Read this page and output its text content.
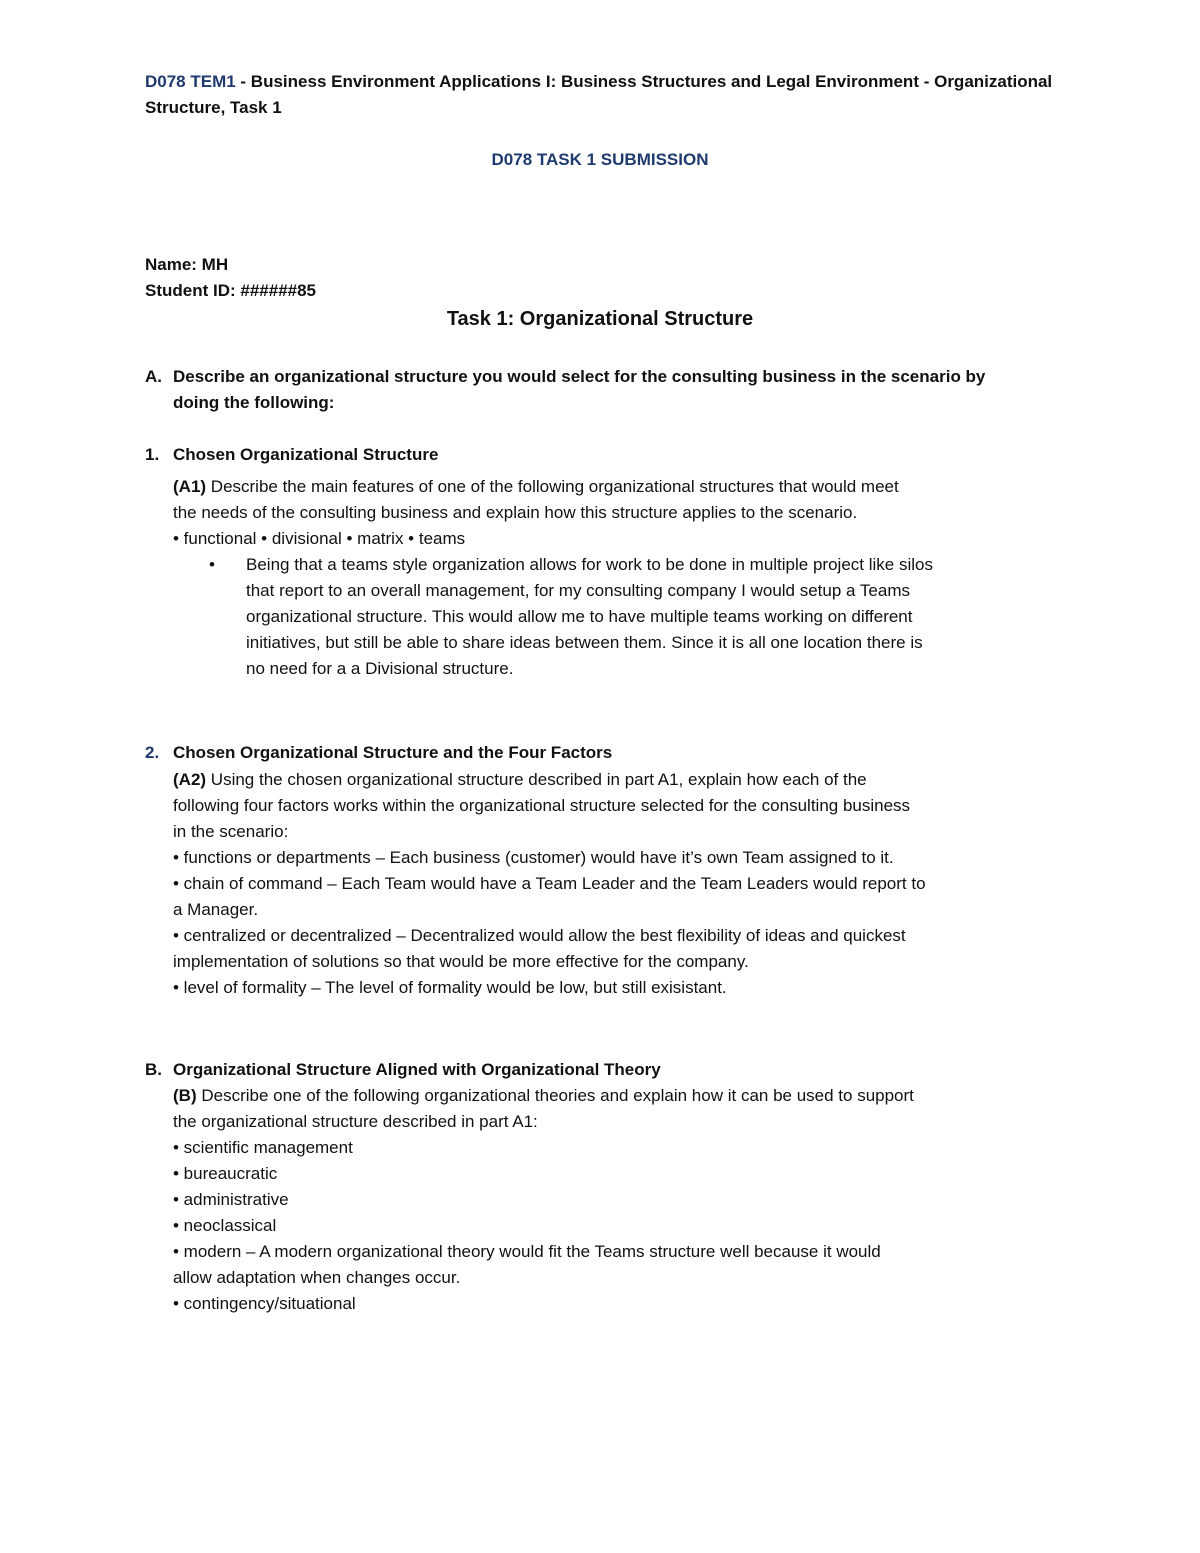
D078 TEM1 - Business Environment Applications I: Business Structures and Legal Environment - Organizational

Structure, Task 1

D078 TASK 1 SUBMISSION

Name: MH

Student ID: ######85

Task 1: Organizational Structure

A. Describe an organizational structure you would select for the consulting business in the scenario by

doing the following:

1. Chosen Organizational Structure

(A1) Describe the main features of one of the following organizational structures that would meet

the needs of the consulting business and explain how this structure applies to the scenario.

• functional • divisional • matrix • teams

• Being that a teams style organization allows for work to be done in multiple project like silos

that report to an overall management, for my consulting company I would setup a Teams

organizational structure. This would allow me to have multiple teams working on different

initiatives, but still be able to share ideas between them. Since it is all one location there is

no need for a a Divisional structure.

2. Chosen Organizational Structure and the Four Factors

(A2) Using the chosen organizational structure described in part A1, explain how each of the

following four factors works within the organizational structure selected for the consulting business

in the scenario:

• functions or departments – Each business (customer) would have it’s own Team assigned to it.

• chain of command – Each Team would have a Team Leader and the Team Leaders would report to

a Manager.

• centralized or decentralized – Decentralized would allow the best flexibility of ideas and quickest

implementation of solutions so that would be more effective for the company.

• level of formality – The level of formality would be low, but still exisistant.

B. Organizational Structure Aligned with Organizational Theory

(B) Describe one of the following organizational theories and explain how it can be used to support

the organizational structure described in part A1:

• scientific management

• bureaucratic

• administrative

• neoclassical

• modern – A modern organizational theory would fit the Teams structure well because it would

allow adaptation when changes occur.

• contingency/situational
